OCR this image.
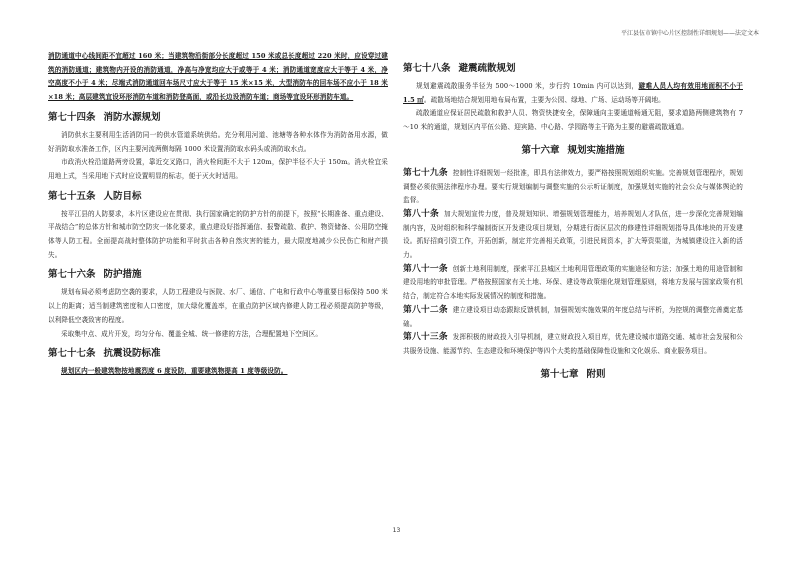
平江县伍市镇中心片区控制性详细规划——法定文本

消防通道中心线间距不宜超过 160 米；当建筑物沿街部分长度超过 150 米或总长度超过 220 米时，应设穿过建筑的消防通道；建筑物内开设的消防通道，净高与净宽均应大于或等于 4 米；消防通道宽度应大于等于 4 米，净空高度不小于 4 米；尽端式消防通道回车场尺寸应大于等于 15 米×15 米，大型消防车的回车场不应小于 18 米×18 米；高层建筑宜设环形消防车道和消防登高面，或沿长边设消防车道；商场等宜设环形消防车道。

第七十四条 消防水源规划

消防供水主要利用生活消防同一的供水管道系统供给。充分利用河道、池塘等各种水体作为消防备用水源，做好消防取水准备工作，区内主要河流两侧每隔 1000 米设置消防取水码头或消防取水点。

市政消火栓沿道路两旁设置，靠近交叉路口，消火栓间距不大于 120m，保护半径不大于 150m。消火栓宜采用地上式，当采用地下式时应设置明显的标志，便于灭火时适用。

第七十五条 人防目标

按平江县的人防要求，本片区建设应在贯彻、执行国家确定的防护方针的前提下，按照“长期准备、重点建设、平战结合”的总体方针和城市防空防灾一体化要求，重点建设好指挥通信、报警疏散、救护、物资储备、公用防空掩体等人防工程。全面提高战时整体防护功能和平时抗击各种自然灾害的能力，最大限度地减少公民伤亡和财产损失。

第七十六条 防护措施

规划布局必须考虑防空袭的要求，人防工程建设与医院、水厂、通信、广电和行政中心等重要目标保持 500 米以上的距离；适当制建筑密度和人口密度，加大绿化覆盖率，在重点防护区域内修建人防工程必须提高防护等级，以利降低空袭致害的程度。

采取集中点、成片开发，均匀分布、覆盖全城、统一修建的方法，合理配置地下空间区。

第七十七条 抗震设防标准

规划区内一般建筑物按地震烈度 6 度设防，重要建筑物提高 1 度等级设防。

第七十八条 避震疏散规划

规划避震疏散服务半径为 500～1000 米，步行约 10min 内可以达到，避难人员人均有效用地面积不小于 1.5 ㎡。疏散场地结合规划用地布局布置，主要为公园、绿地、广场、运动场等开阔地。

疏散通道应保证居民疏散和救护人员、物资快捷安全，保障通向主要通道畅通无阻，要求道路两侧建筑物有 7～10 米的通道，规划区内平伍公路、迎宾路、中心路、学园路等主干路为主要的避震疏散通道。

第十六章 规划实施措施

第七十九条 控制性详细规划一经批准，即具有法律效力，要严格按照规划组织实施。完善规划管理程序，规划调整必须依照法律程序办理。要实行规划编制与调整实施的公示听证制度，加强规划实施的社会公众与媒体舆论的监督。

第八十条 加大规划宣传力度，普及规划知识、增强规划管理能力，培养规划人才队伍，进一步深化完善规划编制内容，及时组织和科学编制街区开发建设项目规划，分期进行街区层次的修建性详细规划指导具体地块的开发建设。抓好招商引资工作，开拓创新，制定并完善相关政策，引进民间资本，扩大筹资渠道，为城镇建设注入新的活力。

第八十一条 创新土地利用制度，探索平江县城区土地利用管理政策的实施途径和方法；加强土地的用途管制和建设用地的审批管理。严格按照国家有关土地、环保、建设等政策细化规划管理原则，将地方发展与国家政策有机结合，制定符合本地实际发展情况的制度和措施。

第八十二条 建立建设项目动态跟踪反馈机制，加强规划实施效果的年度总结与评析，为控规的调整完善奠定基础。

第八十三条 发挥积极的财政投入引导机制，建立财政投入项目库，优先建设城市道路交通、城市社会发展和公共服务设施、能源节约、生态建设和环境保护等四个大类的基础保障性设施和文化娱乐、商业服务项目。

第十七章 附则
13
